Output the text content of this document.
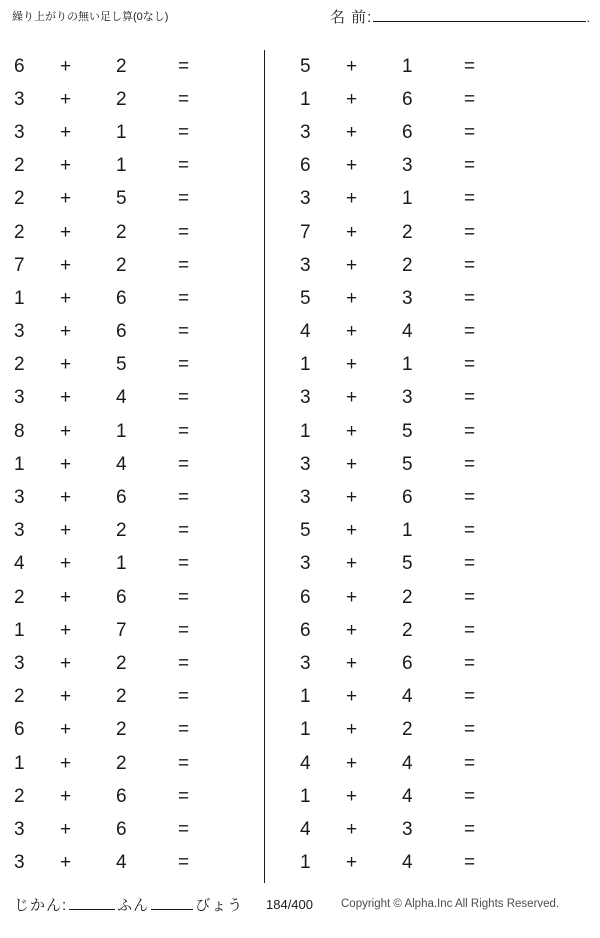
繰り上がりの無い足し算(0なし)	名 前:	.
6	+	2	=
3	+	2	=
3	+	1	=
2	+	1	=
2	+	5	=
2	+	2	=
7	+	2	=
1	+	6	=
3	+	6	=
2	+	5	=
3	+	4	=
8	+	1	=
1	+	4	=
3	+	6	=
3	+	2	=
4	+	1	=
2	+	6	=
1	+	7	=
3	+	2	=
2	+	2	=
6	+	2	=
1	+	2	=
2	+	6	=
3	+	6	=
3	+	4	=
5	+	1	=
1	+	6	=
3	+	6	=
6	+	3	=
3	+	1	=
7	+	2	=
3	+	2	=
5	+	3	=
4	+	4	=
1	+	1	=
3	+	3	=
1	+	5	=
3	+	5	=
3	+	6	=
5	+	1	=
3	+	5	=
6	+	2	=
6	+	2	=
3	+	6	=
1	+	4	=
1	+	2	=
4	+	4	=
1	+	4	=
4	+	3	=
1	+	4	=
じかん:	ふん	びょう 184/400 Copyright © Alpha.Inc All Rights Reserved.
